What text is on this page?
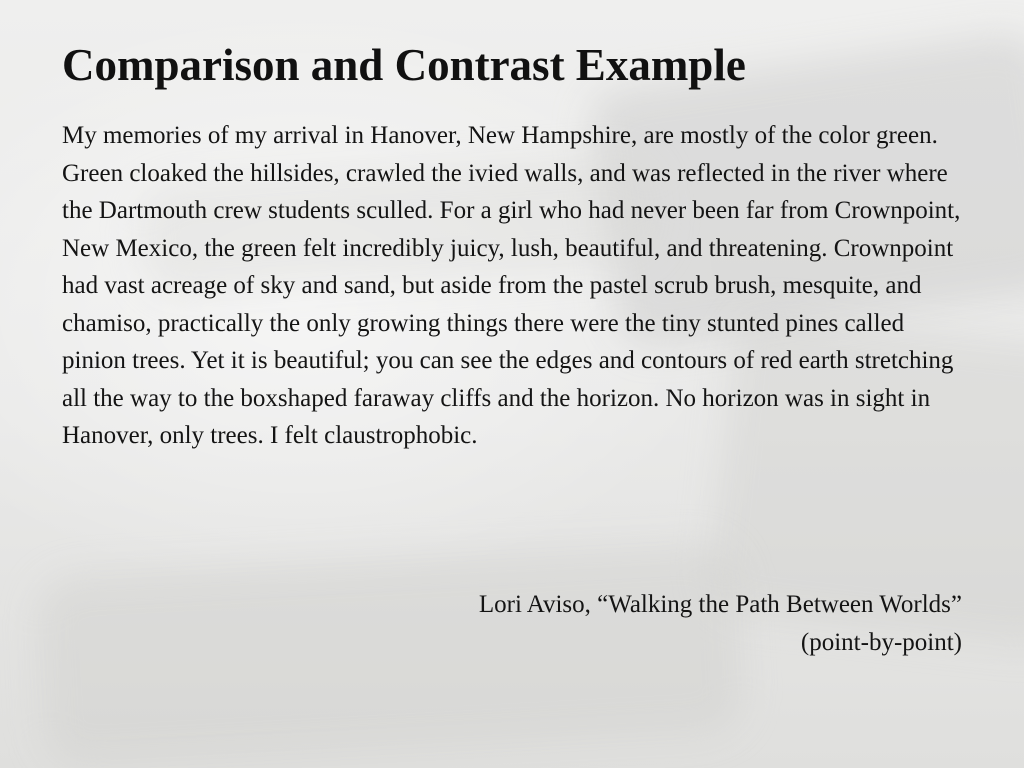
Comparison and Contrast Example

My memories of my arrival in Hanover, New Hampshire, are mostly of the color green. Green cloaked the hillsides, crawled the ivied walls, and was reflected in the river where the Dartmouth crew students sculled. For a girl who had never been far from Crownpoint, New Mexico, the green felt incredibly juicy, lush, beautiful, and threatening. Crownpoint had vast acreage of sky and sand, but aside from the pastel scrub brush, mesquite, and chamiso, practically the only growing things there were the tiny stunted pines called pinion trees. Yet it is beautiful; you can see the edges and contours of red earth stretching all the way to the boxshaped faraway cliffs and the horizon. No horizon was in sight in Hanover, only trees. I felt claustrophobic.

Lori Aviso, “Walking the Path Between Worlds”
(point-by-point)
